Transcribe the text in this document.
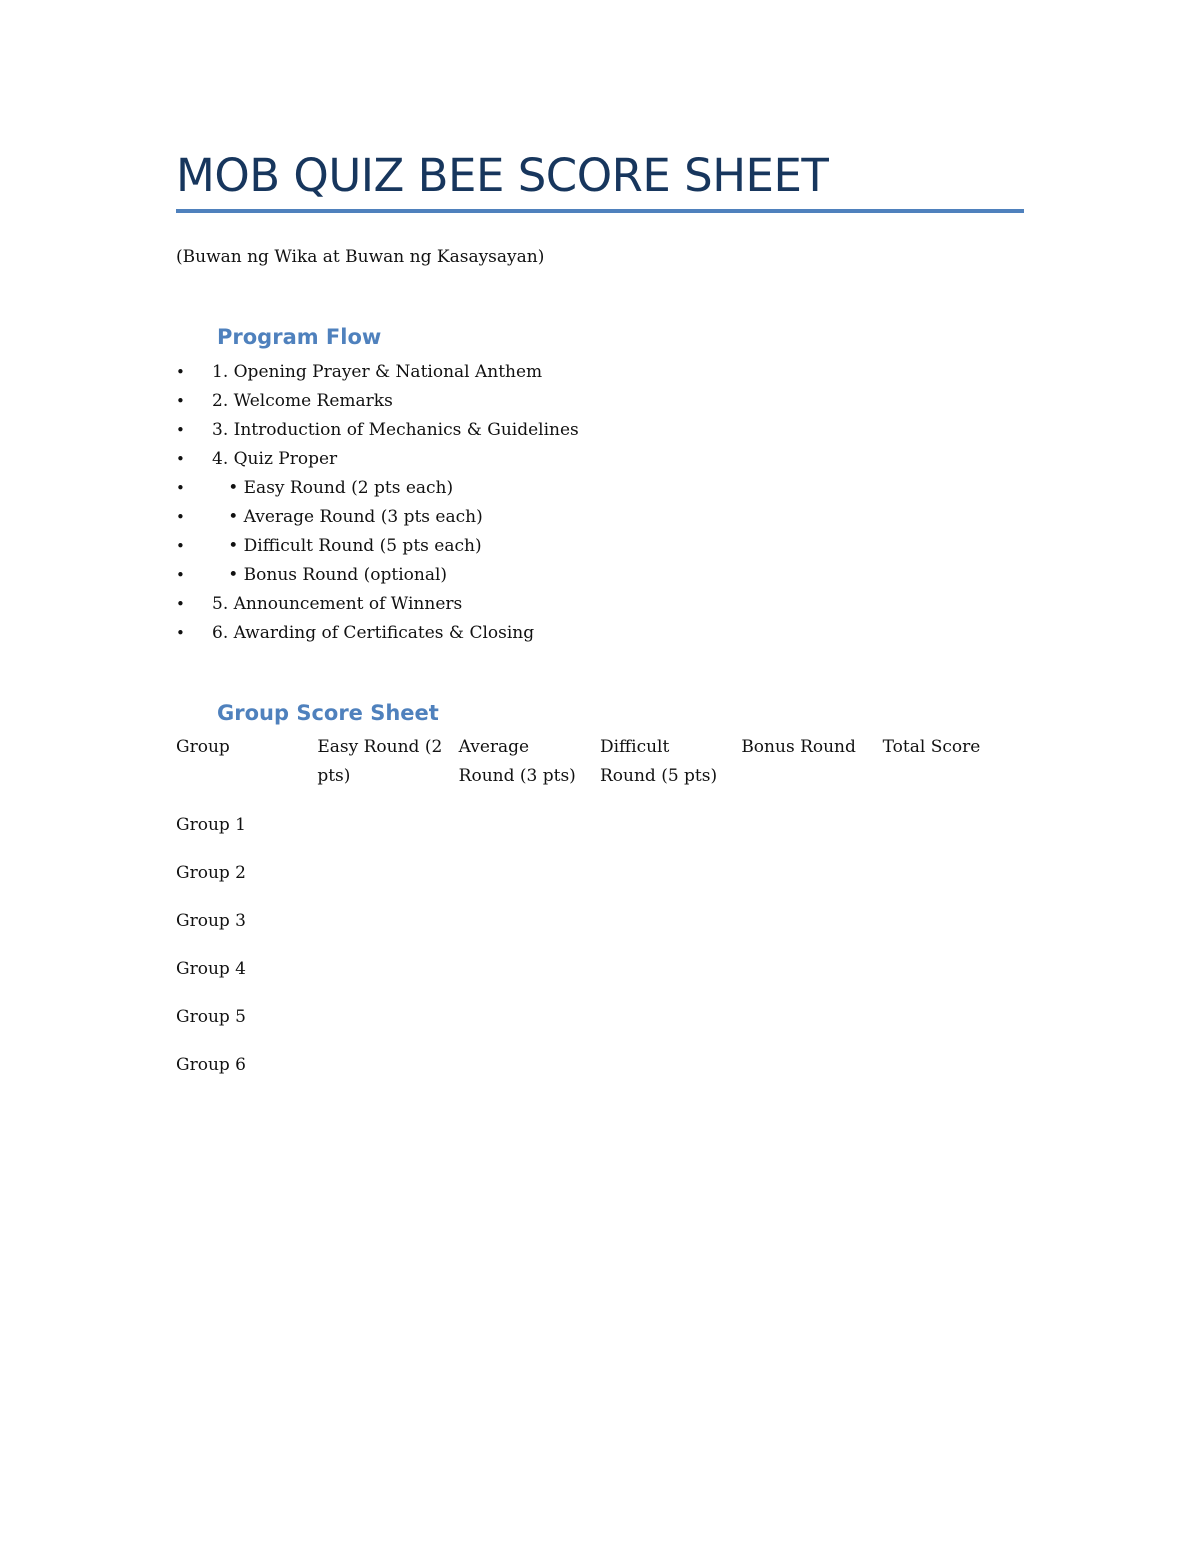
MOB QUIZ BEE SCORE SHEET

(Buwan ng Wika at Buwan ng Kasaysayan)

Program Flow
•	1. Opening Prayer & National Anthem
•	2. Welcome Remarks
•	3. Introduction of Mechanics & Guidelines
•	4. Quiz Proper
•	• Easy Round (2 pts each)
•	• Average Round (3 pts each)
•	• Difficult Round (5 pts each)
•	• Bonus Round (optional)
•	5. Announcement of Winners
•	6. Awarding of Certificates & Closing
Group Score Sheet
Group	Easy Round (2 pts)	Average Round (3 pts)	Difficult Round (5 pts)	Bonus Round	Total Score
Group 1					
Group 2					
Group 3					
Group 4					
Group 5					
Group 6					
